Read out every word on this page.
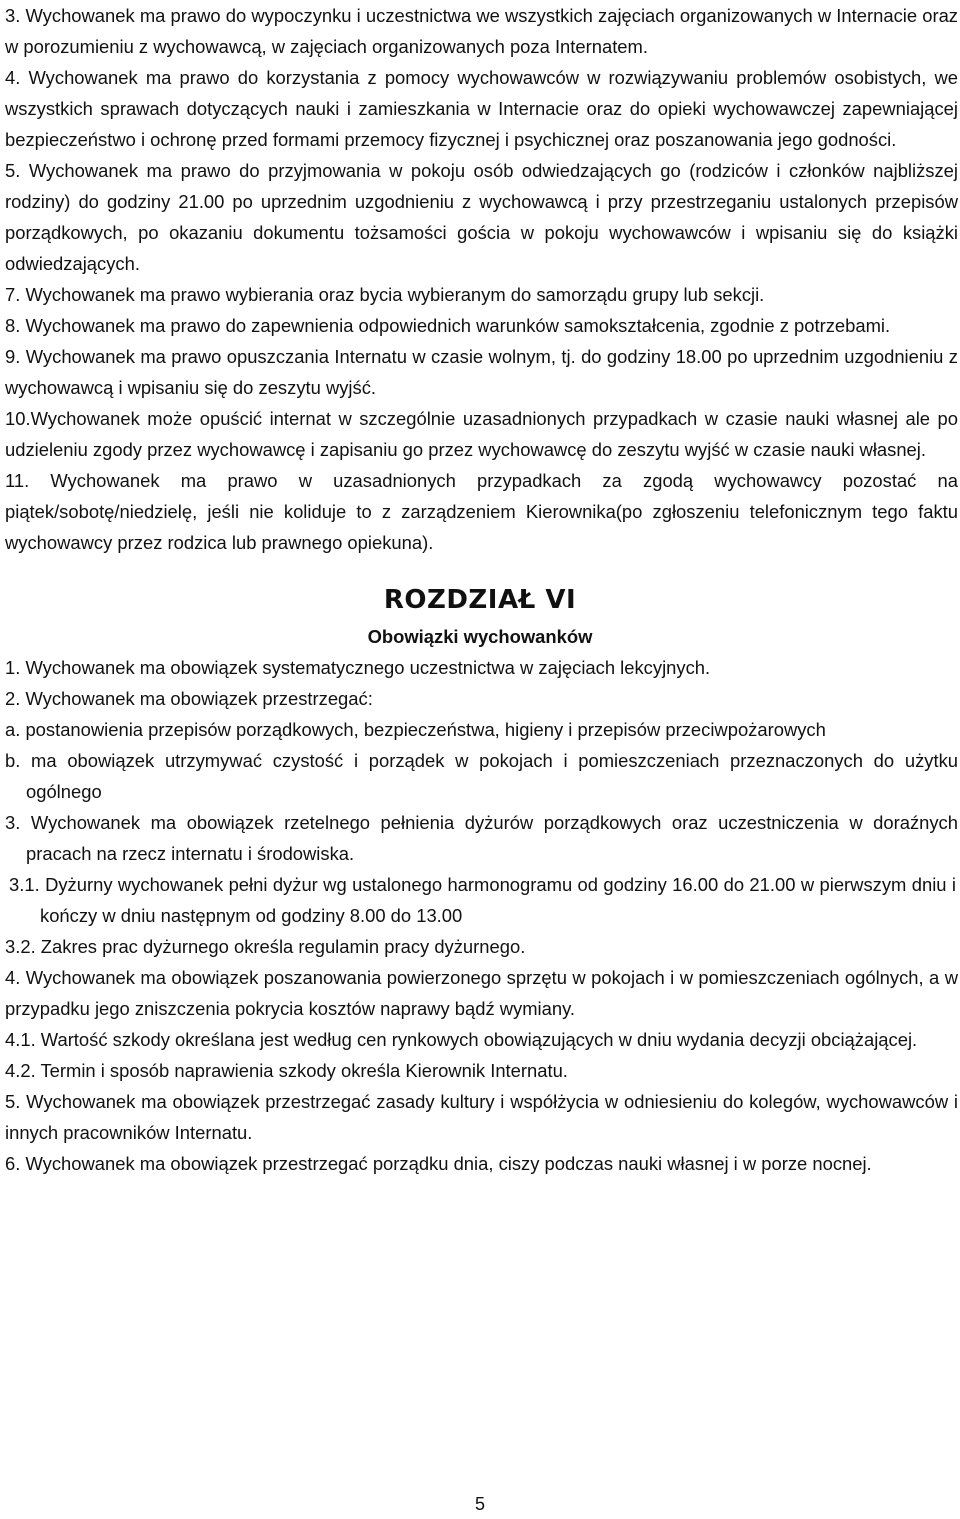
3. Wychowanek ma prawo do wypoczynku i uczestnictwa we wszystkich zajęciach organizowanych w Internacie oraz w porozumieniu z wychowawcą, w zajęciach organizowanych poza Internatem.

4. Wychowanek ma prawo do korzystania z pomocy wychowawców w rozwiązywaniu problemów osobistych, we wszystkich sprawach dotyczących nauki i zamieszkania w Internacie oraz do opieki wychowawczej zapewniającej bezpieczeństwo i ochronę przed formami przemocy fizycznej i psychicznej oraz poszanowania jego godności.

5. Wychowanek ma prawo do przyjmowania w pokoju osób odwiedzających go (rodziców i członków najbliższej rodziny) do godziny 21.00 po uprzednim uzgodnieniu z wychowawcą i przy przestrzeganiu ustalonych przepisów porządkowych, po okazaniu dokumentu tożsamości gościa w pokoju wychowawców i wpisaniu się do książki odwiedzających.

7. Wychowanek ma prawo wybierania oraz bycia wybieranym do samorządu grupy lub sekcji.

8. Wychowanek ma prawo do zapewnienia odpowiednich warunków samokształcenia, zgodnie z potrzebami.

9. Wychowanek ma prawo opuszczania Internatu w czasie wolnym, tj. do godziny 18.00 po uprzednim uzgodnieniu z wychowawcą i wpisaniu się do zeszytu wyjść.

10.Wychowanek może opuścić internat w szczególnie uzasadnionych przypadkach w czasie nauki własnej ale po udzieleniu zgody przez wychowawcę i zapisaniu go przez wychowawcę do zeszytu wyjść w czasie nauki własnej.

11. Wychowanek ma prawo w uzasadnionych przypadkach za zgodą wychowawcy pozostać na piątek/sobotę/niedzielę, jeśli nie koliduje to z zarządzeniem Kierownika(po zgłoszeniu telefonicznym tego faktu wychowawcy przez rodzica lub prawnego opiekuna).

ROZDZIAŁ VI
Obowiązki wychowanków

1. Wychowanek ma obowiązek systematycznego uczestnictwa w zajęciach lekcyjnych.

2. Wychowanek ma obowiązek przestrzegać:

a. postanowienia przepisów porządkowych, bezpieczeństwa, higieny i przepisów przeciwpożarowych

b. ma obowiązek utrzymywać czystość i porządek w pokojach i pomieszczeniach przeznaczonych do użytku ogólnego

3. Wychowanek ma obowiązek rzetelnego pełnienia dyżurów porządkowych oraz uczestniczenia w doraźnych pracach na rzecz internatu i środowiska.

3.1. Dyżurny wychowanek pełni dyżur wg ustalonego harmonogramu od godziny 16.00 do 21.00 w pierwszym dniu i kończy w dniu następnym od godziny 8.00 do 13.00

3.2. Zakres prac dyżurnego określa regulamin pracy dyżurnego.

4. Wychowanek ma obowiązek poszanowania powierzonego sprzętu w pokojach i w pomieszczeniach ogólnych, a w przypadku jego zniszczenia pokrycia kosztów naprawy bądź wymiany.

4.1. Wartość szkody określana jest według cen rynkowych obowiązujących w dniu wydania decyzji obciążającej.

4.2. Termin i sposób naprawienia szkody określa Kierownik Internatu.

5. Wychowanek ma obowiązek przestrzegać zasady kultury i współżycia w odniesieniu do kolegów, wychowawców i innych pracowników Internatu.

6. Wychowanek ma obowiązek przestrzegać porządku dnia, ciszy podczas nauki własnej i w porze nocnej.

5
